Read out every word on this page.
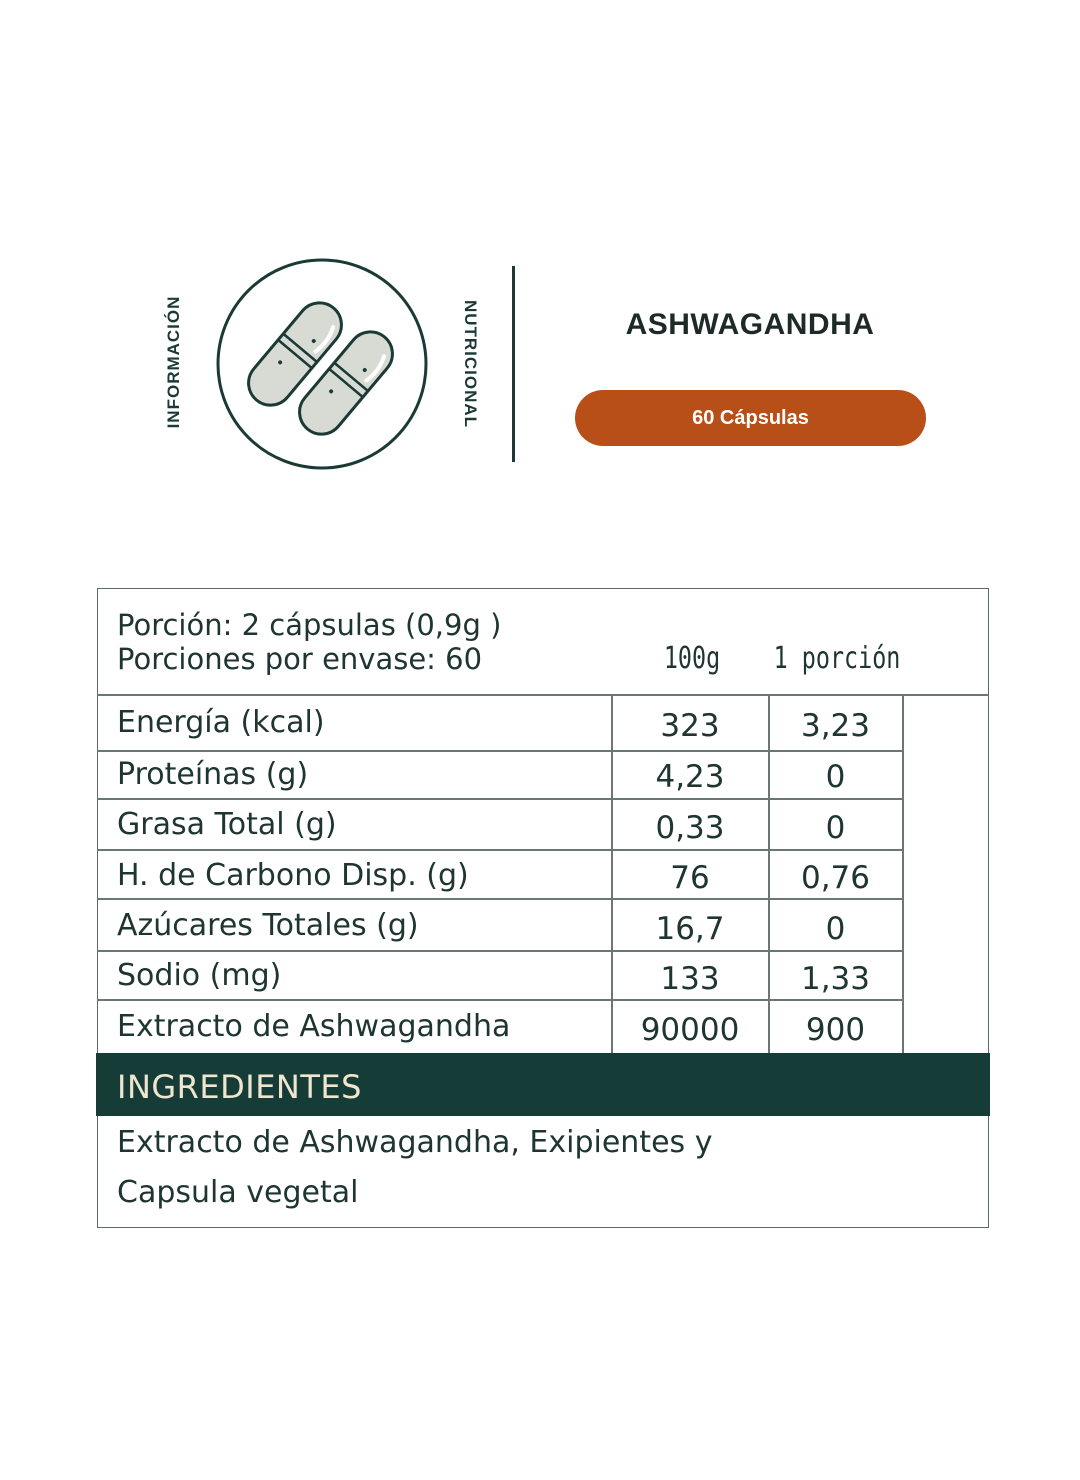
INFORMACIÓN	NUTRICIONAL	ASHWAGANDHA
60 Cápsulas
Porción: 2 cápsulas (0,9g )
Porciones por envase: 60	100g 1 porción
Energía (kcal)	323	3,23
Proteínas (g)	4,23	0
Grasa Total (g)	0,33	0
H. de Carbono Disp. (g)	76	0,76
Azúcares Totales (g)	16,7	0
Sodio (mg)	133	1,33
Extracto de Ashwagandha	90000	900
INGREDIENTES
Extracto de Ashwagandha, Exipientes y
Capsula vegetal
